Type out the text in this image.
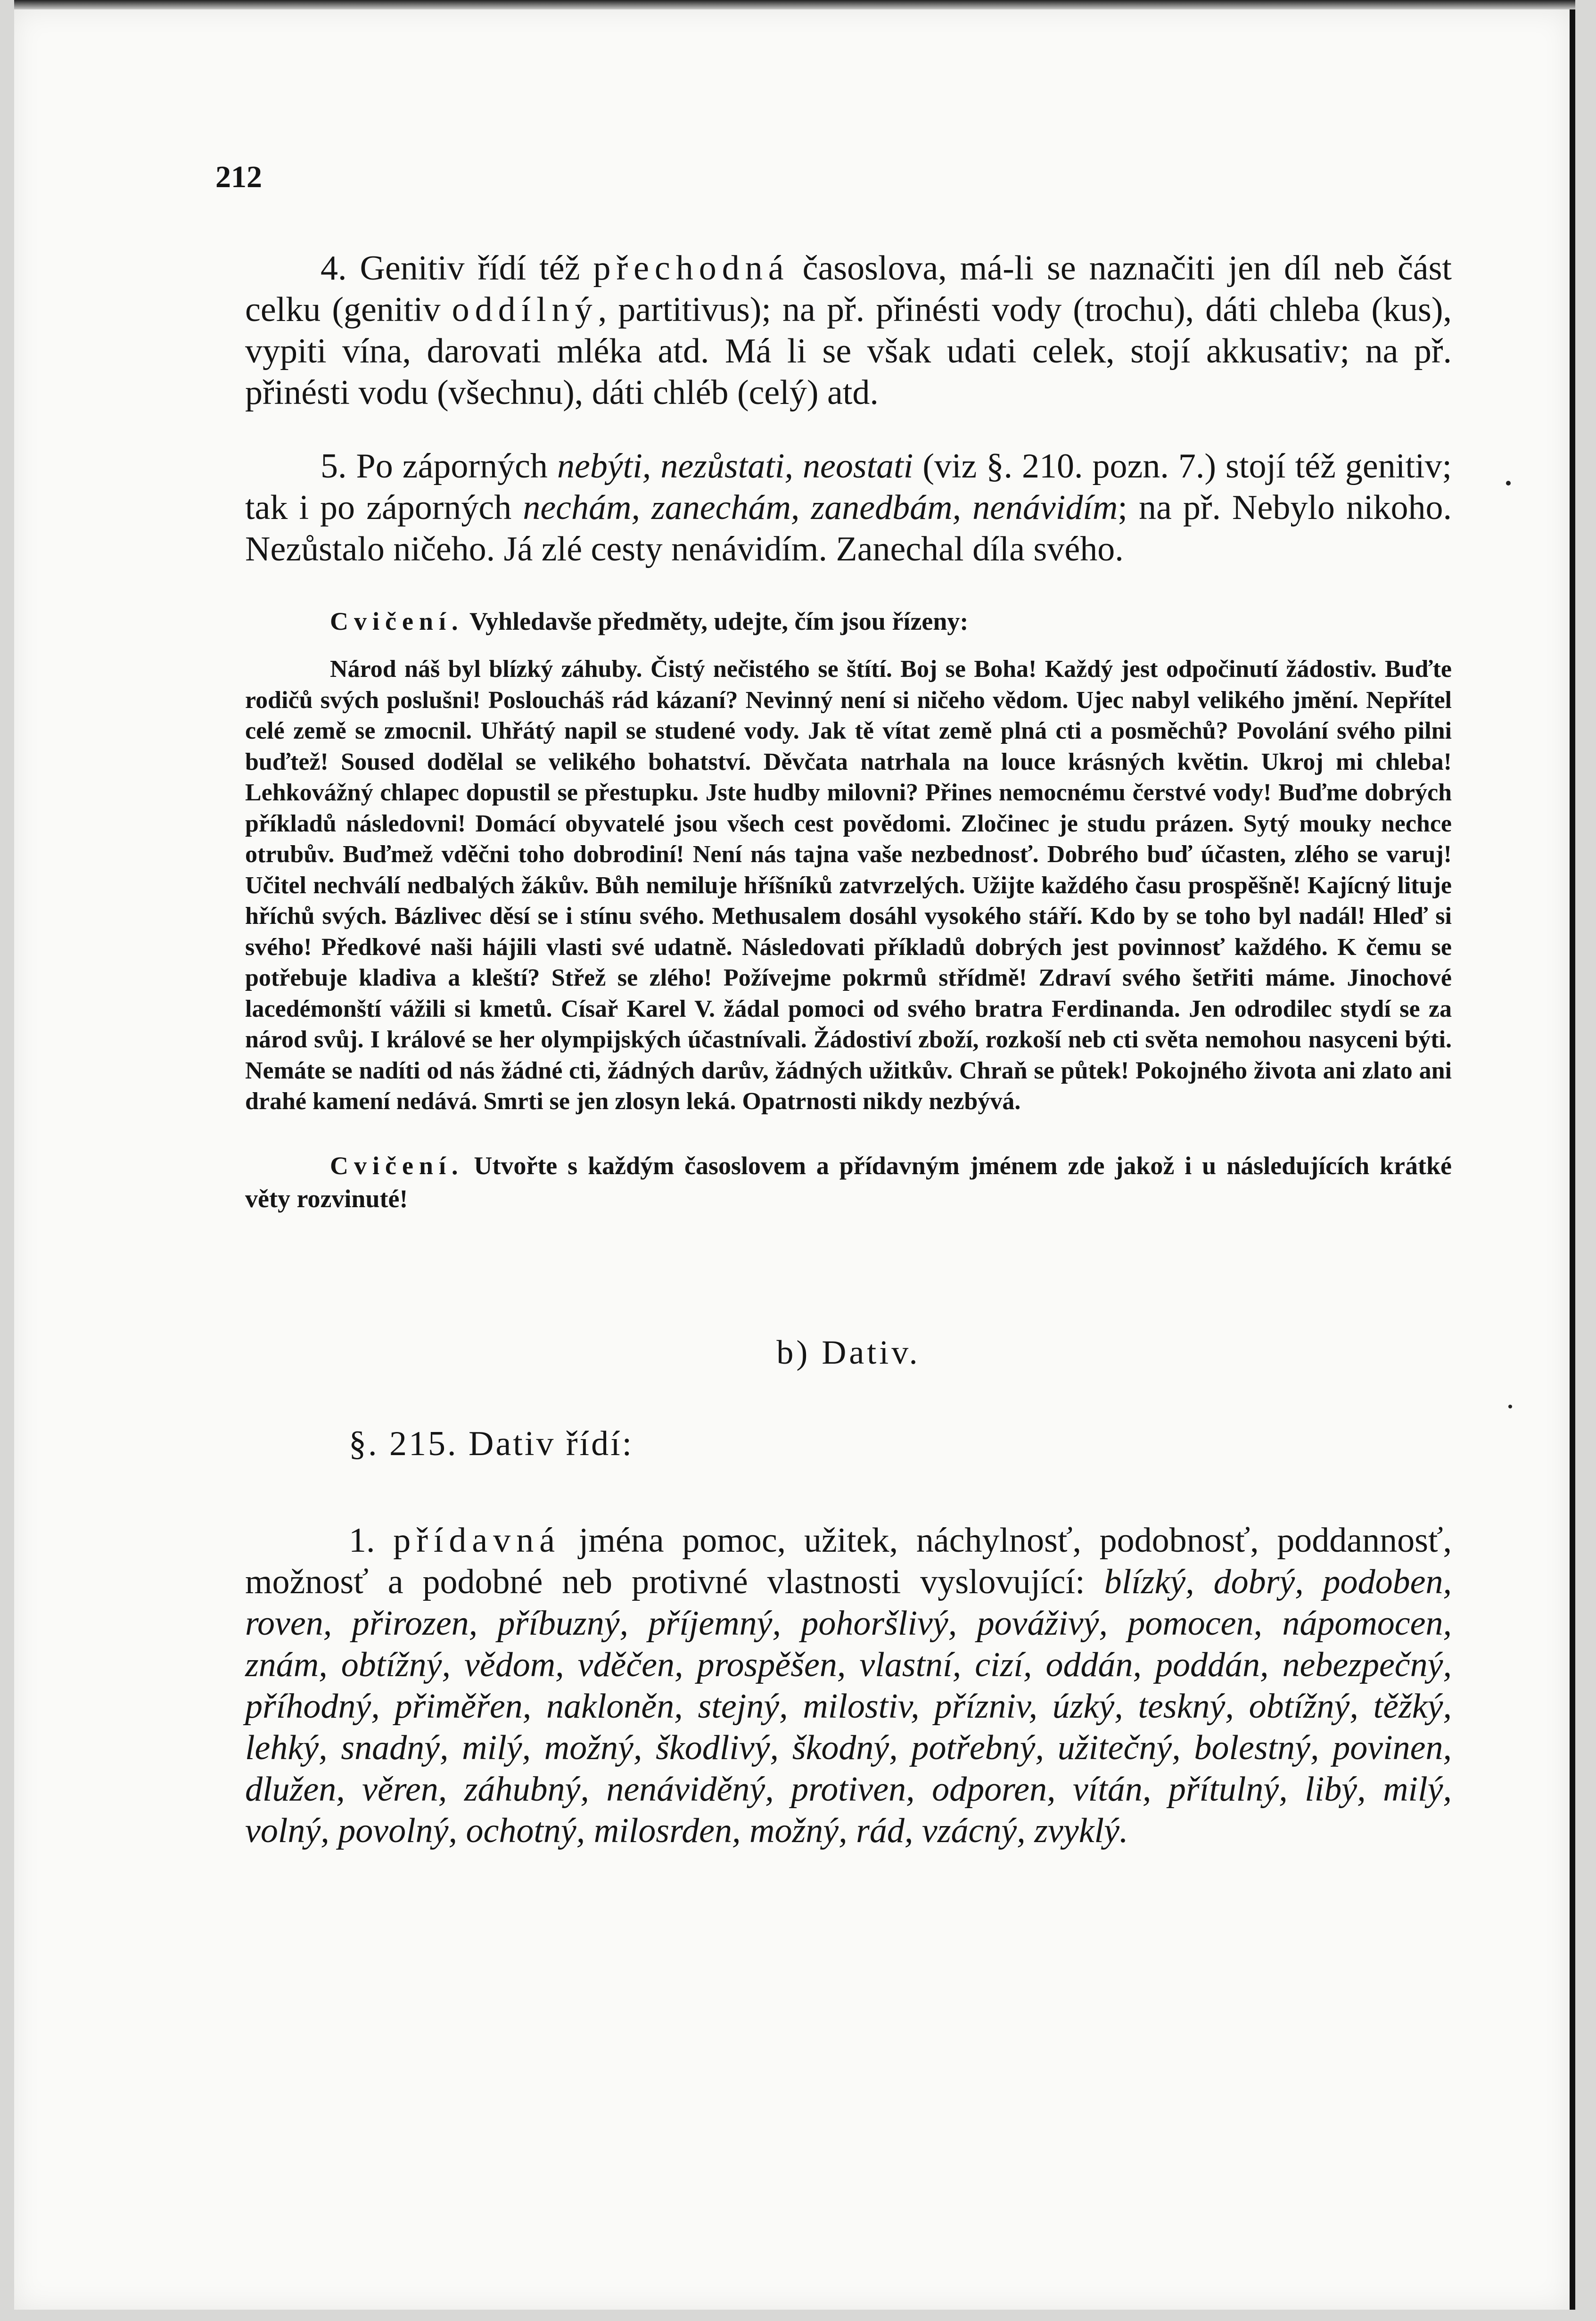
212

4. Genitiv řídí též přechodná časoslova, má-li se naznačiti jen díl neb část celku (genitiv oddílný, partitivus); na př. přinésti vody (trochu), dáti chleba (kus), vypiti vína, darovati mléka atd. Má li se však udati celek, stojí akkusativ; na př. přinésti vodu (všechnu), dáti chléb (celý) atd.

5. Po záporných nebýti, nezůstati, neostati (viz §. 210. pozn. 7.) stojí též genitiv; tak i po záporných nechám, zanechám, zanedbám, nenávidím; na př. Nebylo nikoho. Nezůstalo ničeho. Já zlé cesty nenávidím. Zanechal díla svého.

Cvičení. Vyhledavše předměty, udejte, čím jsou řízeny:

Národ náš byl blízký záhuby. Čistý nečistého se štítí. Boj se Boha! Každý jest odpočinutí žádostiv. Buďte rodičů svých poslušni! Posloucháš rád kázaní? Nevinný není si ničeho vědom. Ujec nabyl velikého jmění. Nepřítel celé země se zmocnil. Uhřátý napil se studené vody. Jak tě vítat země plná cti a posměchů? Povolání svého pilni buďtež! Soused dodělal se velikého bohatství. Děvčata natrhala na louce krásných květin. Ukroj mi chleba! Lehkovážný chlapec dopustil se přestupku. Jste hudby milovni? Přines nemocnému čerstvé vody! Buďme dobrých příkladů následovni! Domácí obyvatelé jsou všech cest povědomi. Zločinec je studu prázen. Sytý mouky nechce otrubův. Buďmež vděčni toho dobrodiní! Není nás tajna vaše nezbednosť. Dobrého buď účasten, zlého se varuj! Učitel nechválí nedbalých žákův. Bůh nemiluje hříšníků zatvrzelých. Užijte každého času prospěšně! Kajícný lituje hříchů svých. Bázlivec děsí se i stínu svého. Methusalem dosáhl vysokého stáří. Kdo by se toho byl nadál! Hleď si svého! Předkové naši hájili vlasti své udatně. Následovati příkladů dobrých jest povinnosť každého. K čemu se potřebuje kladiva a kleští? Střež se zlého! Požívejme pokrmů střídmě! Zdraví svého šetřiti máme. Jinochové lacedémonští vážili si kmetů. Císař Karel V. žádal pomoci od svého bratra Ferdinanda. Jen odrodilec stydí se za národ svůj. I králové se her olympijských účastnívali. Žádostiví zboží, rozkoší neb cti světa nemohou nasyceni býti. Nemáte se nadíti od nás žádné cti, žádných darův, žádných užitkův. Chraň se půtek! Pokojného života ani zlato ani drahé kamení nedává. Smrti se jen zlosyn leká. Opatrnosti nikdy nezbývá.

Cvičení. Utvořte s každým časoslovem a přídavným jménem zde jakož i u následujících krátké věty rozvinuté!

b) Dativ.
§. 215. Dativ řídí:

1. přídavná jména pomoc, užitek, náchylnosť, podobnosť, poddannosť, možnosť a podobné neb protivné vlastnosti vyslovující: blízký, dobrý, podoben, roven, přirozen, příbuzný, příjemný, pohoršlivý, pováživý, pomocen, nápomocen, znám, obtížný, vědom, vděčen, prospěšen, vlastní, cizí, oddán, poddán, nebezpečný, příhodný, přiměřen, nakloněn, stejný, milostiv, přízniv, úzký, teskný, obtížný, těžký, lehký, snadný, milý, možný, škodlivý, škodný, potřebný, užitečný, bolestný, povinen, dlužen, věren, záhubný, nenáviděný, protiven, odporen, vítán, přítulný, libý, milý, volný, povolný, ochotný, milosrden, možný, rád, vzácný, zvyklý.
